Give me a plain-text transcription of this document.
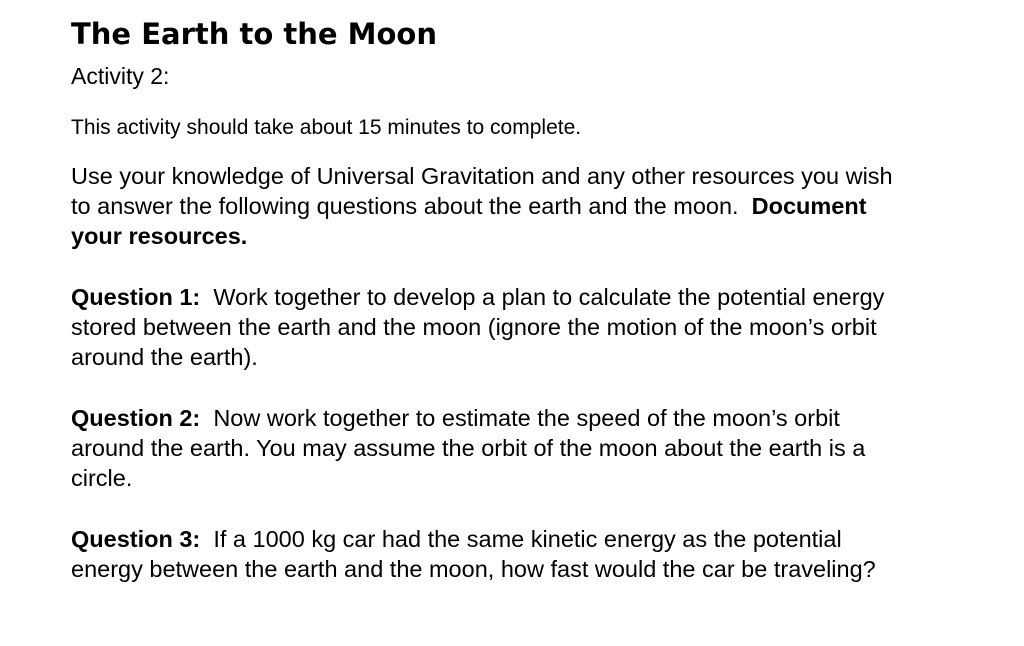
The Earth to the Moon
Activity 2:
This activity should take about 15 minutes to complete.
Use your knowledge of Universal Gravitation and any other resources you wish
to answer the following questions about the earth and the moon. Document
your resources.
Question 1: Work together to develop a plan to calculate the potential energy
stored between the earth and the moon (ignore the motion of the moon’s orbit
around the earth).
Question 2: Now work together to estimate the speed of the moon’s orbit
around the earth. You may assume the orbit of the moon about the earth is a
circle.
Question 3: If a 1000 kg car had the same kinetic energy as the potential
energy between the earth and the moon, how fast would the car be traveling?
